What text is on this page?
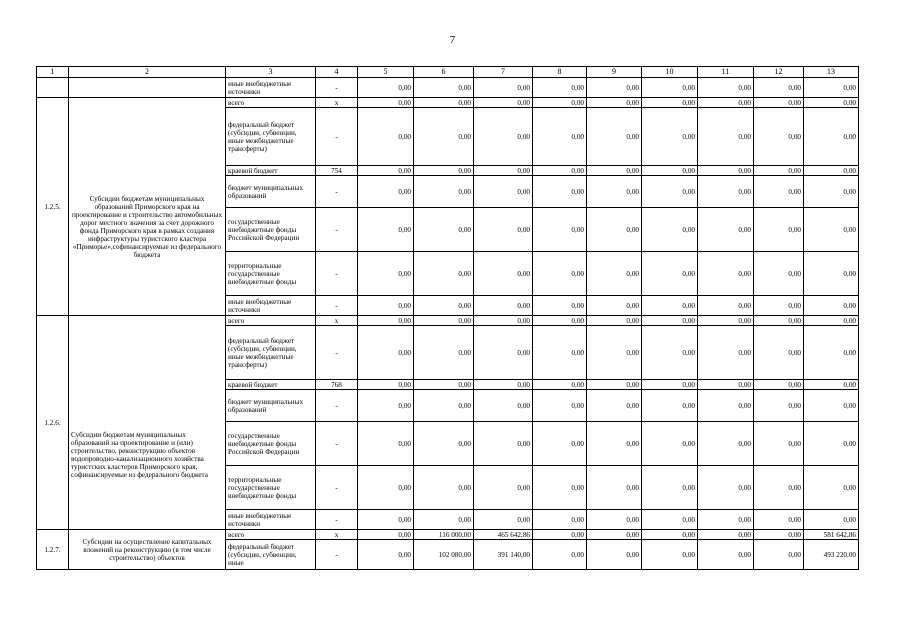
7
1	2	3	4	5	6	7	8	9	10	11	12	13
		иные внебюджетные источники	-	0,00	0,00	0,00	0,00	0,00	0,00	0,00	0,00	0,00
1.2.5.	Субсидии бюджетам муниципальных образований Приморского края на проектирование и строительство автомобильных дорог местного значения за счет дорожного фонда Приморского края в рамках создания инфраструктуры туристского кластера «Приморье»,софинансируемые из федерального бюджета	всего	x	0,00	0,00	0,00	0,00	0,00	0,00	0,00	0,00	0,00
		федеральный бюджет (субсидии, субвенции, иные межбюджетные трансферты)	-	0,00	0,00	0,00	0,00	0,00	0,00	0,00	0,00	0,00
		краевой бюджет	754	0,00	0,00	0,00	0,00	0,00	0,00	0,00	0,00	0,00
		бюджет муниципальных образований	-	0,00	0,00	0,00	0,00	0,00	0,00	0,00	0,00	0,00
		государственные внебюджетные фонды Российской Федерации	-	0,00	0,00	0,00	0,00	0,00	0,00	0,00	0,00	0,00
		территориальные государственные внебюджетные фонды	-	0,00	0,00	0,00	0,00	0,00	0,00	0,00	0,00	0,00
		иные внебюджетные источники	-	0,00	0,00	0,00	0,00	0,00	0,00	0,00	0,00	0,00
1.2.6.	Субсидии бюджетам муниципальных образований на проектирование и (или) строительство, реконструкцию объектов водопроводно-канализационного хозяйства туристских кластеров Приморского края, софинансируемые из федерального бюджета	всего	x	0,00	0,00	0,00	0,00	0,00	0,00	0,00	0,00	0,00
		федеральный бюджет (субсидии, субвенции, иные межбюджетные трансферты)	-	0,00	0,00	0,00	0,00	0,00	0,00	0,00	0,00	0,00
		краевой бюджет	768	0,00	0,00	0,00	0,00	0,00	0,00	0,00	0,00	0,00
		бюджет муниципальных образований	-	0,00	0,00	0,00	0,00	0,00	0,00	0,00	0,00	0,00
		государственные внебюджетные фонды Российской Федерации	-	0,00	0,00	0,00	0,00	0,00	0,00	0,00	0,00	0,00
		территориальные государственные внебюджетные фонды	-	0,00	0,00	0,00	0,00	0,00	0,00	0,00	0,00	0,00
		иные внебюджетные источники	-	0,00	0,00	0,00	0,00	0,00	0,00	0,00	0,00	0,00
1.2.7.	Субсидии на осуществление капитальных вложений на реконструкцию (в том числе строительство) объектов	всего	x	0,00	116 000,00	465 642,86	0,00	0,00	0,00	0,00	0,00	581 642,86
		федеральный бюджет (субсидии, субвенции, иные	-	0,00	102 080,00	391 140,00	0,00	0,00	0,00	0,00	0,00	493 220,00
